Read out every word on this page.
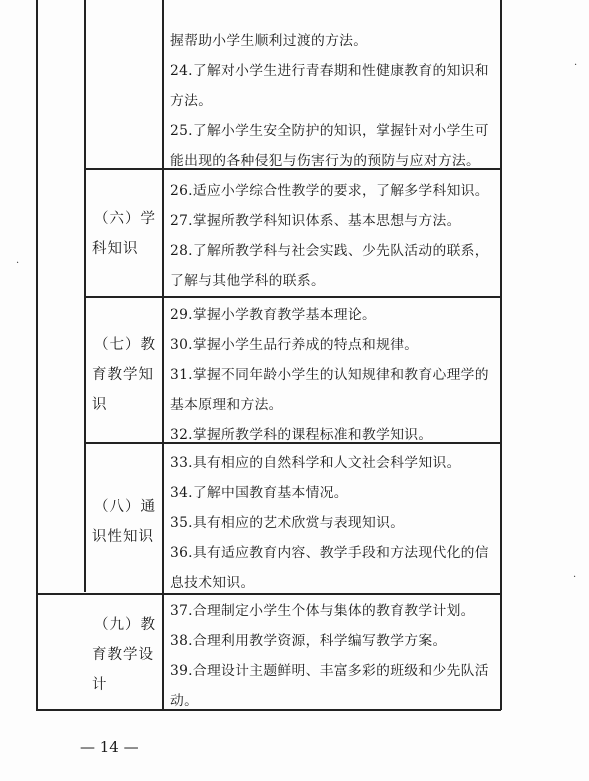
握帮助小学生顺利过渡的方法。

24.了解对小学生进行青春期和性健康教育的知识和

方法。

25.了解小学生安全防护的知识，掌握针对小学生可

能出现的各种侵犯与伤害行为的预防与应对方法。

（六）学
科知识

26.适应小学综合性教学的要求，了解多学科知识。

27.掌握所教学科知识体系、基本思想与方法。

28.了解所教学科与社会实践、少先队活动的联系，

了解与其他学科的联系。

（七）教
育教学知
识

29.掌握小学教育教学基本理论。

30.掌握小学生品行养成的特点和规律。

31.掌握不同年龄小学生的认知规律和教育心理学的

基本原理和方法。

32.掌握所教学科的课程标准和教学知识。

（八）通
识性知识

33.具有相应的自然科学和人文社会科学知识。

34.了解中国教育基本情况。

35.具有相应的艺术欣赏与表现知识。

36.具有适应教育内容、教学手段和方法现代化的信

息技术知识。

（九）教
育教学设
计

37.合理制定小学生个体与集体的教育教学计划。

38.合理利用教学资源，科学编写教学方案。

39.合理设计主题鲜明、丰富多彩的班级和少先队活

动。

— 14 —
·
·
·
